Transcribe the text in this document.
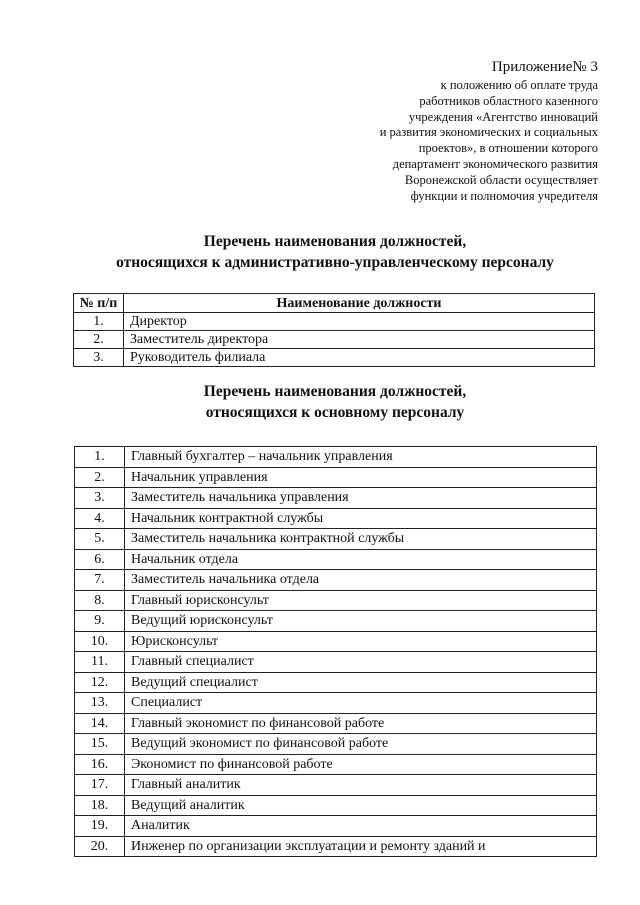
Приложение№ 3
к положению об оплате труда
работников областного казенного
учреждения «Агентство инноваций
и развития экономических и социальных
проектов», в отношении которого
департамент экономического развития
Воронежской области осуществляет
функции и полномочия учредителя
Перечень наименования должностей,
относящихся к административно-управленческому персоналу
№ п/п	Наименование должности
1.	Директор
2.	Заместитель директора
3.	Руководитель филиала
Перечень наименования должностей,
относящихся к основному персоналу
1.	Главный бухгалтер – начальник управления
2.	Начальник управления
3.	Заместитель начальника управления
4.	Начальник контрактной службы
5.	Заместитель начальника контрактной службы
6.	Начальник отдела
7.	Заместитель начальника отдела
8.	Главный юрисконсульт
9.	Ведущий юрисконсульт
10.	Юрисконсульт
11.	Главный специалист
12.	Ведущий специалист
13.	Специалист
14.	Главный экономист по финансовой работе
15.	Ведущий экономист по финансовой работе
16.	Экономист по финансовой работе
17.	Главный аналитик
18.	Ведущий аналитик
19.	Аналитик
20.	Инженер по организации эксплуатации и ремонту зданий и
